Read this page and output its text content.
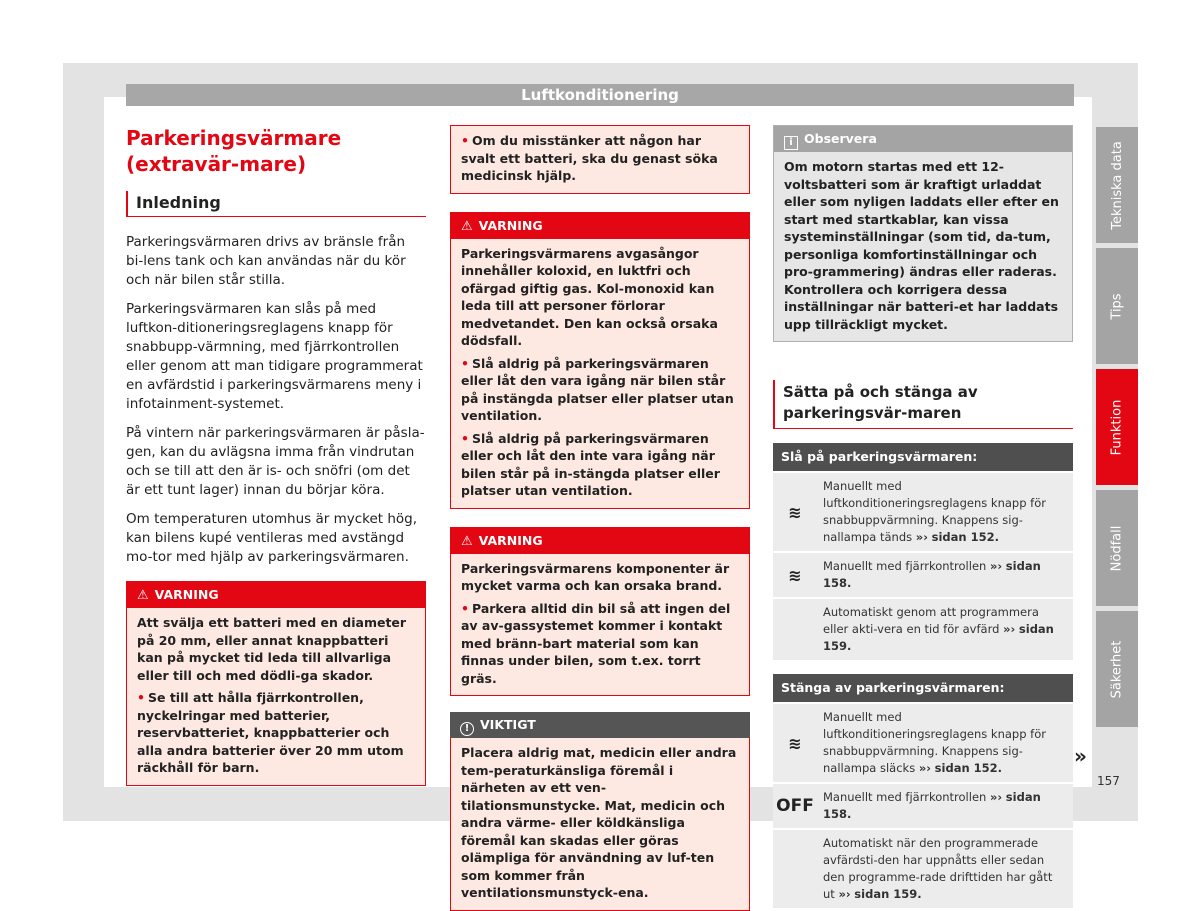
Luftkonditionering
Parkeringsvärmare (extravär-mare)
Inledning

Parkeringsvärmaren drivs av bränsle från bi-lens tank och kan användas när du kör och när bilen står stilla.

Parkeringsvärmaren kan slås på med luftkon-ditioneringsreglagens knapp för snabbupp-värmning, med fjärrkontrollen eller genom att man tidigare programmerat en avfärdstid i parkeringsvärmarens meny i infotainment-systemet.

På vintern när parkeringsvärmaren är påsla-gen, kan du avlägsna imma från vindrutan och se till att den är is- och snöfri (om det är ett tunt lager) innan du börjar köra.

Om temperaturen utomhus är mycket hög, kan bilens kupé ventileras med avstängd mo-tor med hjälp av parkeringsvärmaren.

⚠ VARNING

Att svälja ett batteri med en diameter på 20 mm, eller annat knappbatteri kan på mycket tid leda till allvarliga eller till och med dödli-ga skador.

• Se till att hålla fjärrkontrollen, nyckelringar med batterier, reservbatteriet, knappbatterier och alla andra batterier över 20 mm utom räckhåll för barn.

• Om du misstänker att någon har svalt ett batteri, ska du genast söka medicinsk hjälp.

⚠ VARNING

Parkeringsvärmarens avgasångor innehåller koloxid, en luktfri och ofärgad giftig gas. Kol-monoxid kan leda till att personer förlorar medvetandet. Den kan också orsaka dödsfall.

• Slå aldrig på parkeringsvärmaren eller låt den vara igång när bilen står på instängda platser eller platser utan ventilation.

• Slå aldrig på parkeringsvärmaren eller och låt den inte vara igång när bilen står på in-stängda platser eller platser utan ventilation.

⚠ VARNING

Parkeringsvärmarens komponenter är mycket varma och kan orsaka brand.

• Parkera alltid din bil så att ingen del av av-gassystemet kommer i kontakt med bränn-bart material som kan finnas under bilen, som t.ex. torrt gräs.

! VIKTIGT
Placera aldrig mat, medicin eller andra tem-peraturkänsliga föremål i närheten av ett ven-tilationsmunstycke. Mat, medicin och andra värme- eller köldkänsliga föremål kan skadas eller göras olämpliga för användning av luf-ten som kommer från ventilationsmunstyck-ena.
i Observera
Om motorn startas med ett 12-voltsbatteri som är kraftigt urladdat eller som nyligen laddats eller efter en start med startkablar, kan vissa systeminställningar (som tid, da-tum, personliga komfortinställningar och pro-grammering) ändras eller raderas. Kontrollera och korrigera dessa inställningar när batteri-et har laddats upp tillräckligt mycket.
Sätta på och stänga av parkeringsvär-maren
Slå på parkeringsvärmaren:
≋
Manuellt med luftkonditioneringsreglagens knapp för snabbuppvärmning. Knappens sig-nallampa tänds »› sidan 152.
≋	Manuellt med fjärrkontrollen »› sidan 158.
Automatiskt genom att programmera eller akti-vera en tid för avfärd »› sidan 159.
Stänga av parkeringsvärmaren:
≋
Manuellt med luftkonditioneringsreglagens knapp för snabbuppvärmning. Knappens sig-nallampa släcks »› sidan 152.
OFF Manuellt med fjärrkontrollen »› sidan 158.
Automatiskt när den programmerade avfärdsti-den har uppnåtts eller sedan den programme-rade drifttiden har gått ut »› sidan 159.
»
Tekniska data
Tips
Funktion
Nödfall
Säkerhet
157
